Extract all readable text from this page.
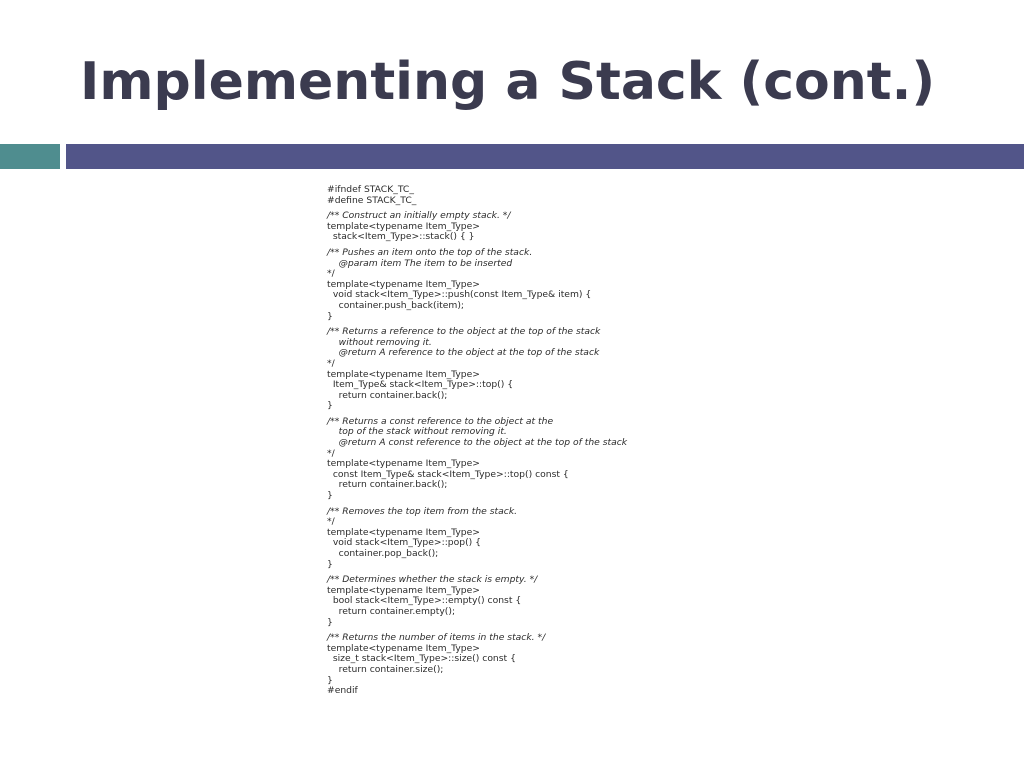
Implementing a Stack (cont.)
#ifndef STACK_TC_
#define STACK_TC_
/** Construct an initially empty stack. */
template<typename Item_Type>
stack<Item_Type>::stack() { }
/** Pushes an item onto the top of the stack.
@param item The item to be inserted
*/
template<typename Item_Type>
void stack<Item_Type>::push(const Item_Type& item) {
container.push_back(item);
}
/** Returns a reference to the object at the top of the stack
without removing it.
@return A reference to the object at the top of the stack
*/
template<typename Item_Type>
Item_Type& stack<Item_Type>::top() {
return container.back();
}
/** Returns a const reference to the object at the
top of the stack without removing it.
@return A const reference to the object at the top of the stack
*/
template<typename Item_Type>
const Item_Type& stack<Item_Type>::top() const {
return container.back();
}
/** Removes the top item from the stack.
*/
template<typename Item_Type>
void stack<Item_Type>::pop() {
container.pop_back();
}
/** Determines whether the stack is empty. */
template<typename Item_Type>
bool stack<Item_Type>::empty() const {
return container.empty();
}
/** Returns the number of items in the stack. */
template<typename Item_Type>
size_t stack<Item_Type>::size() const {
return container.size();
}
#endif
